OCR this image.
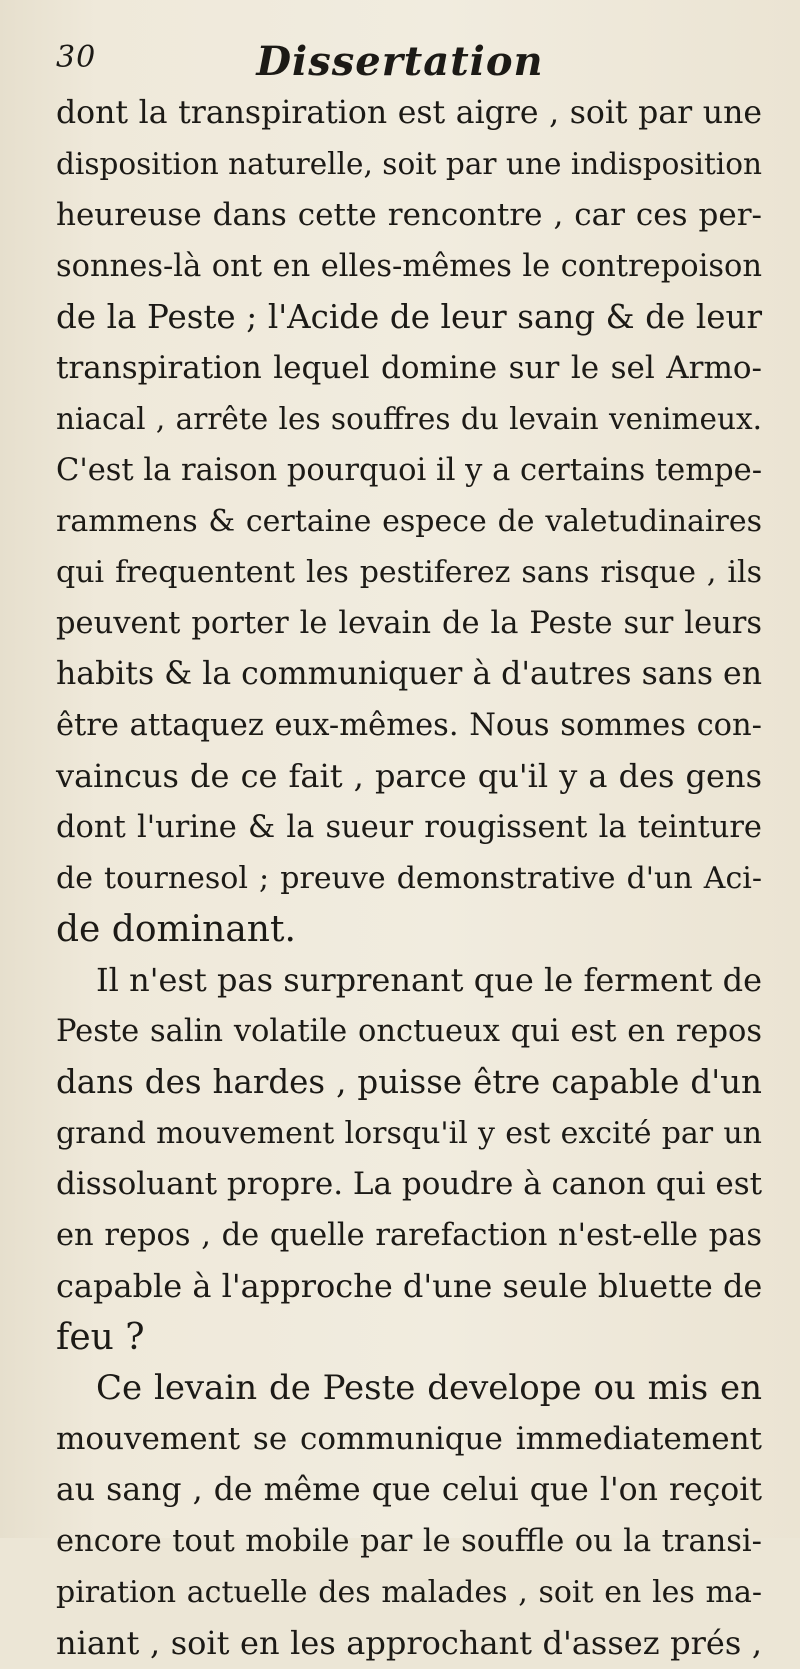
30	Dissertation
dont la transpiration est aigre , soit par une
disposition naturelle, soit par une indisposition
heureuse dans cette rencontre , car ces per-
sonnes-là ont en elles-mêmes le contrepoison
de la Peste ; l'Acide de leur sang & de leur
transpiration lequel domine sur le sel Armo-
niacal , arrête les souffres du levain venimeux.
C'est la raison pourquoi il y a certains tempe-
rammens & certaine espece de valetudinaires
qui frequentent les pestiferez sans risque , ils
peuvent porter le levain de la Peste sur leurs
habits & la communiquer à d'autres sans en
être attaquez eux-mêmes. Nous sommes con-
vaincus de ce fait , parce qu'il y a des gens
dont l'urine & la sueur rougissent la teinture
de tournesol ; preuve demonstrative d'un Aci-
de dominant.
Il n'est pas surprenant que le ferment de
Peste salin volatile onctueux qui est en repos
dans des hardes , puisse être capable d'un
grand mouvement lorsqu'il y est excité par un
dissoluant propre. La poudre à canon qui est
en repos , de quelle rarefaction n'est-elle pas
capable à l'approche d'une seule bluette de
feu ?
Ce levain de Peste develope ou mis en
mouvement se communique immediatement
au sang , de même que celui que l'on reçoit
encore tout mobile par le souffle ou la transi-
piration actuelle des malades , soit en les ma-
niant , soit en les approchant d'assez prés ,
